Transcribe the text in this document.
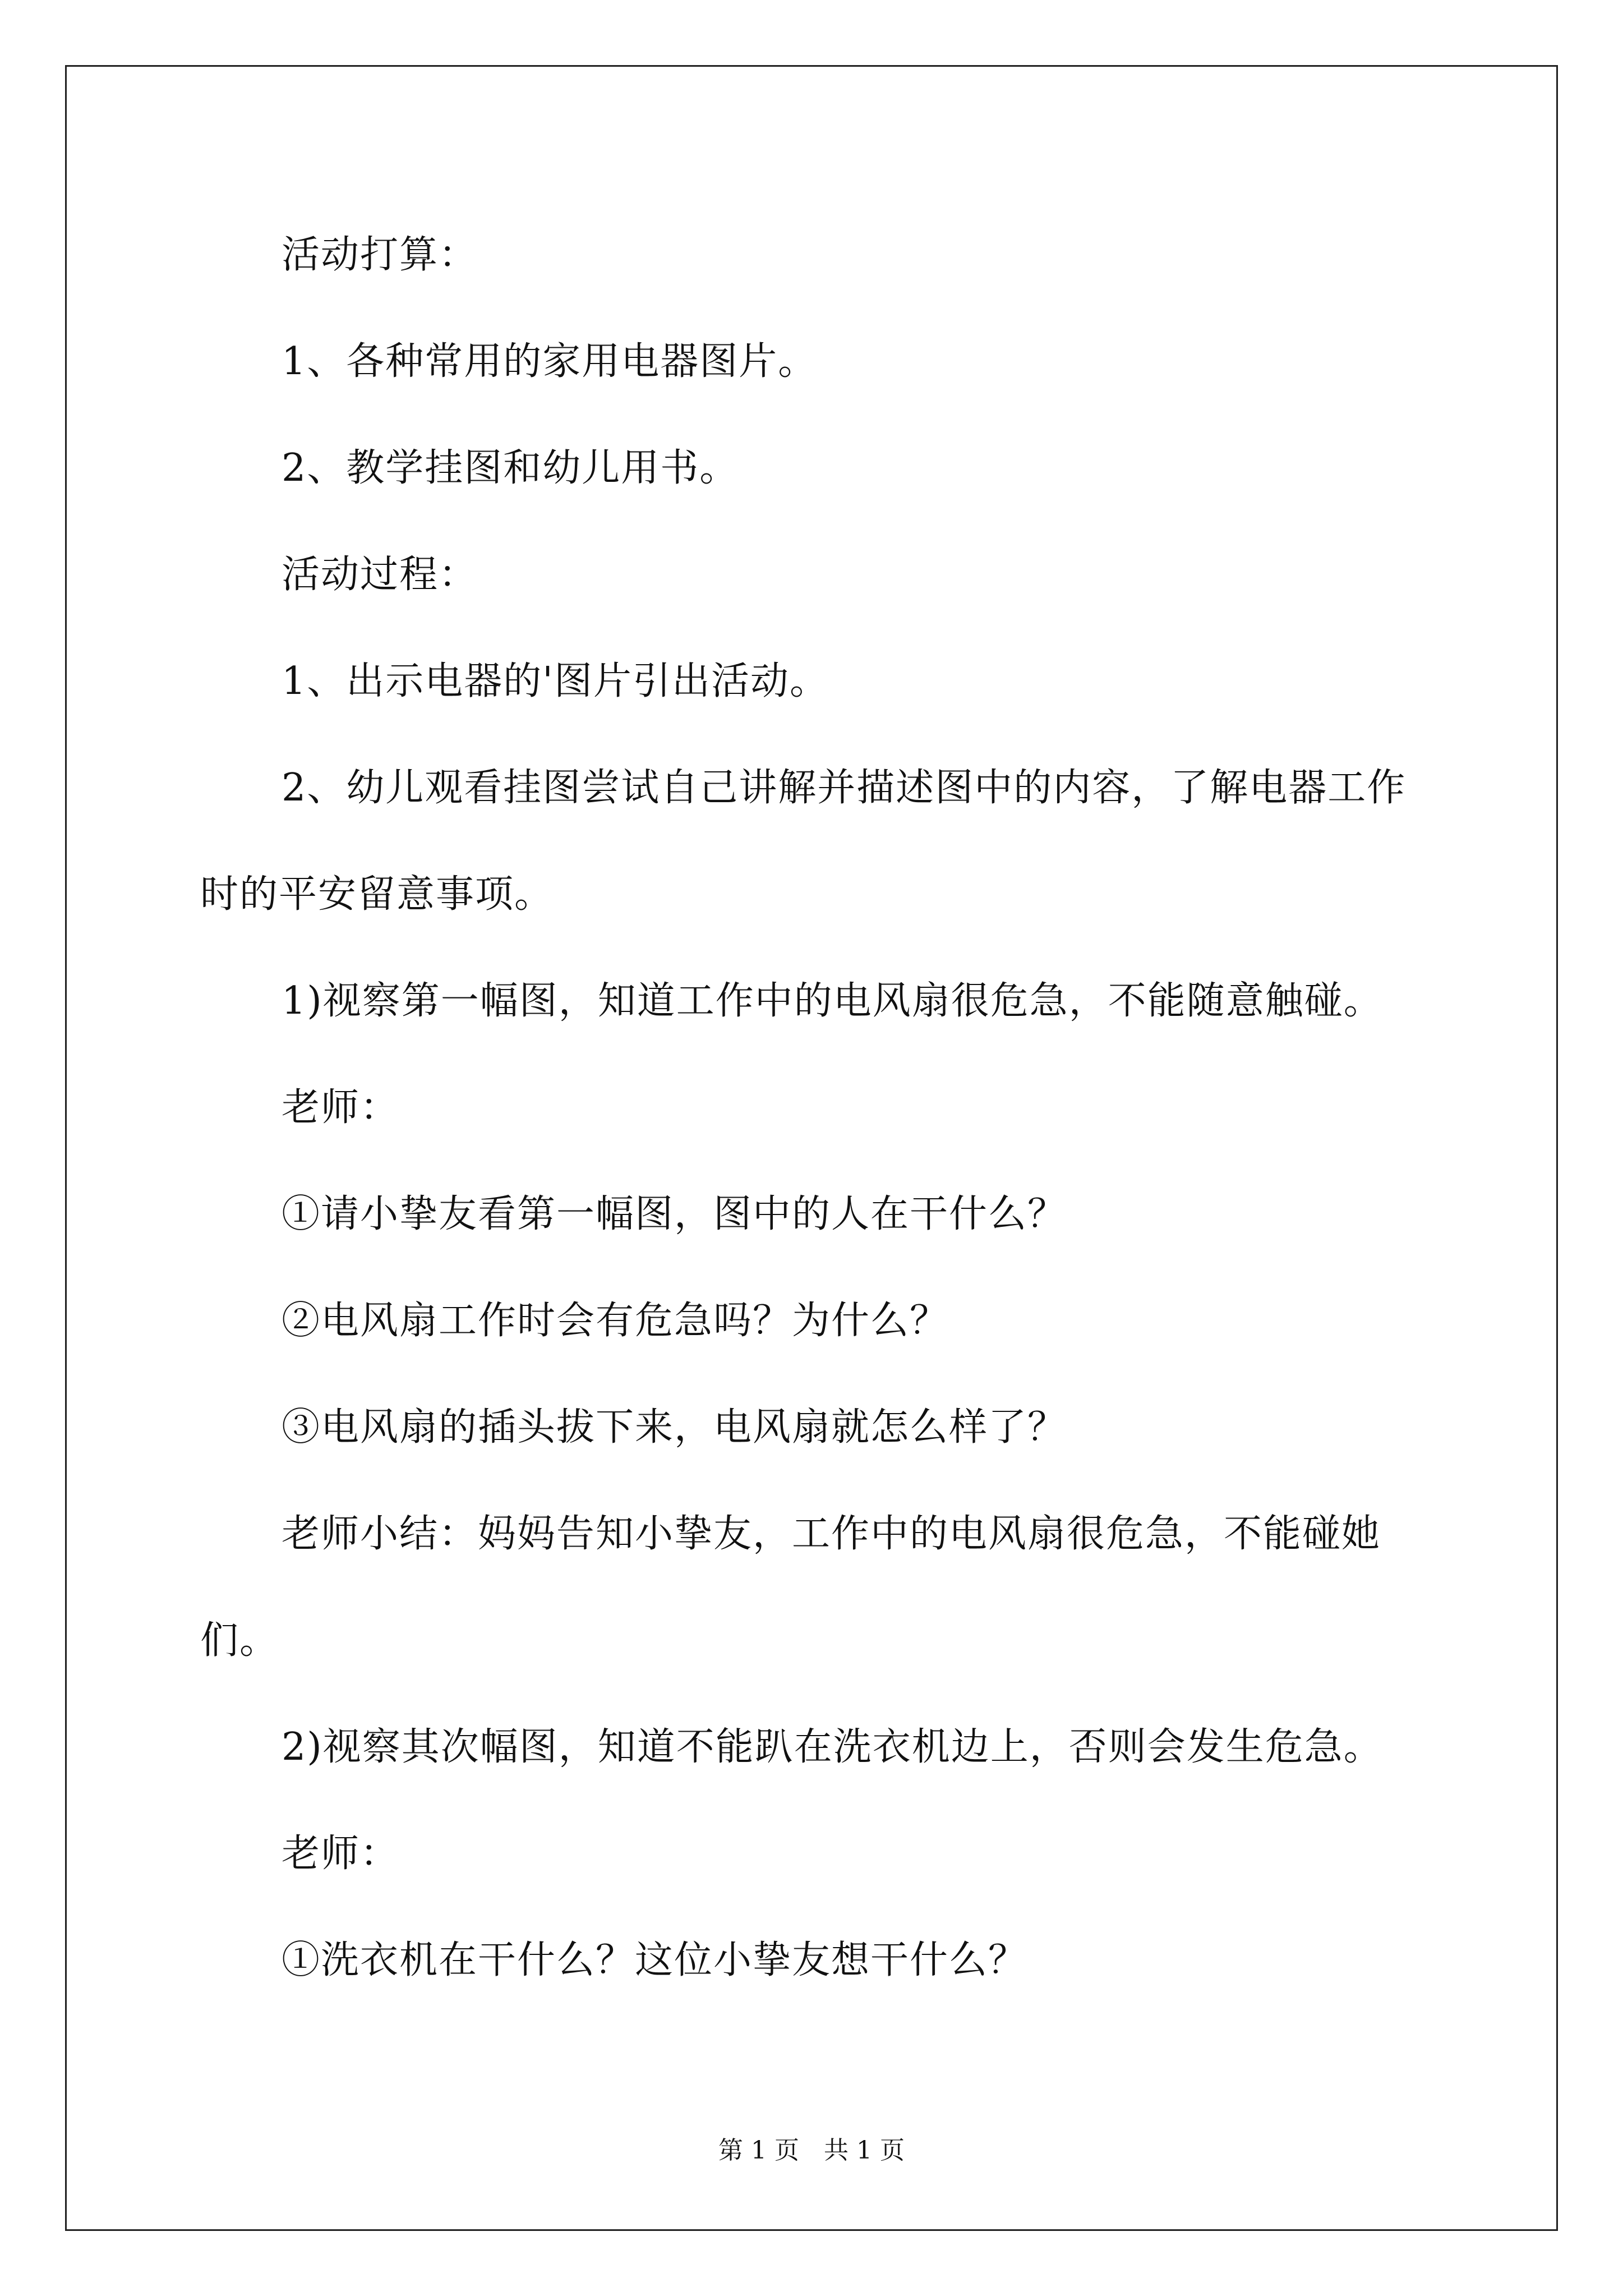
活动打算：
1、各种常用的家用电器图片。
2、教学挂图和幼儿用书。
活动过程：
1、出示电器的'图片引出活动。
2、幼儿观看挂图尝试自己讲解并描述图中的内容，了解电器工作
时的平安留意事项。
1)视察第一幅图，知道工作中的电风扇很危急，不能随意触碰。
老师：
①请小挚友看第一幅图，图中的人在干什么？
②电风扇工作时会有危急吗？为什么？
③电风扇的插头拔下来，电风扇就怎么样了？
老师小结：妈妈告知小挚友，工作中的电风扇很危急，不能碰她
们。
2)视察其次幅图，知道不能趴在洗衣机边上，否则会发生危急。
老师：
①洗衣机在干什么？这位小挚友想干什么？
第 1 页　共 1 页
